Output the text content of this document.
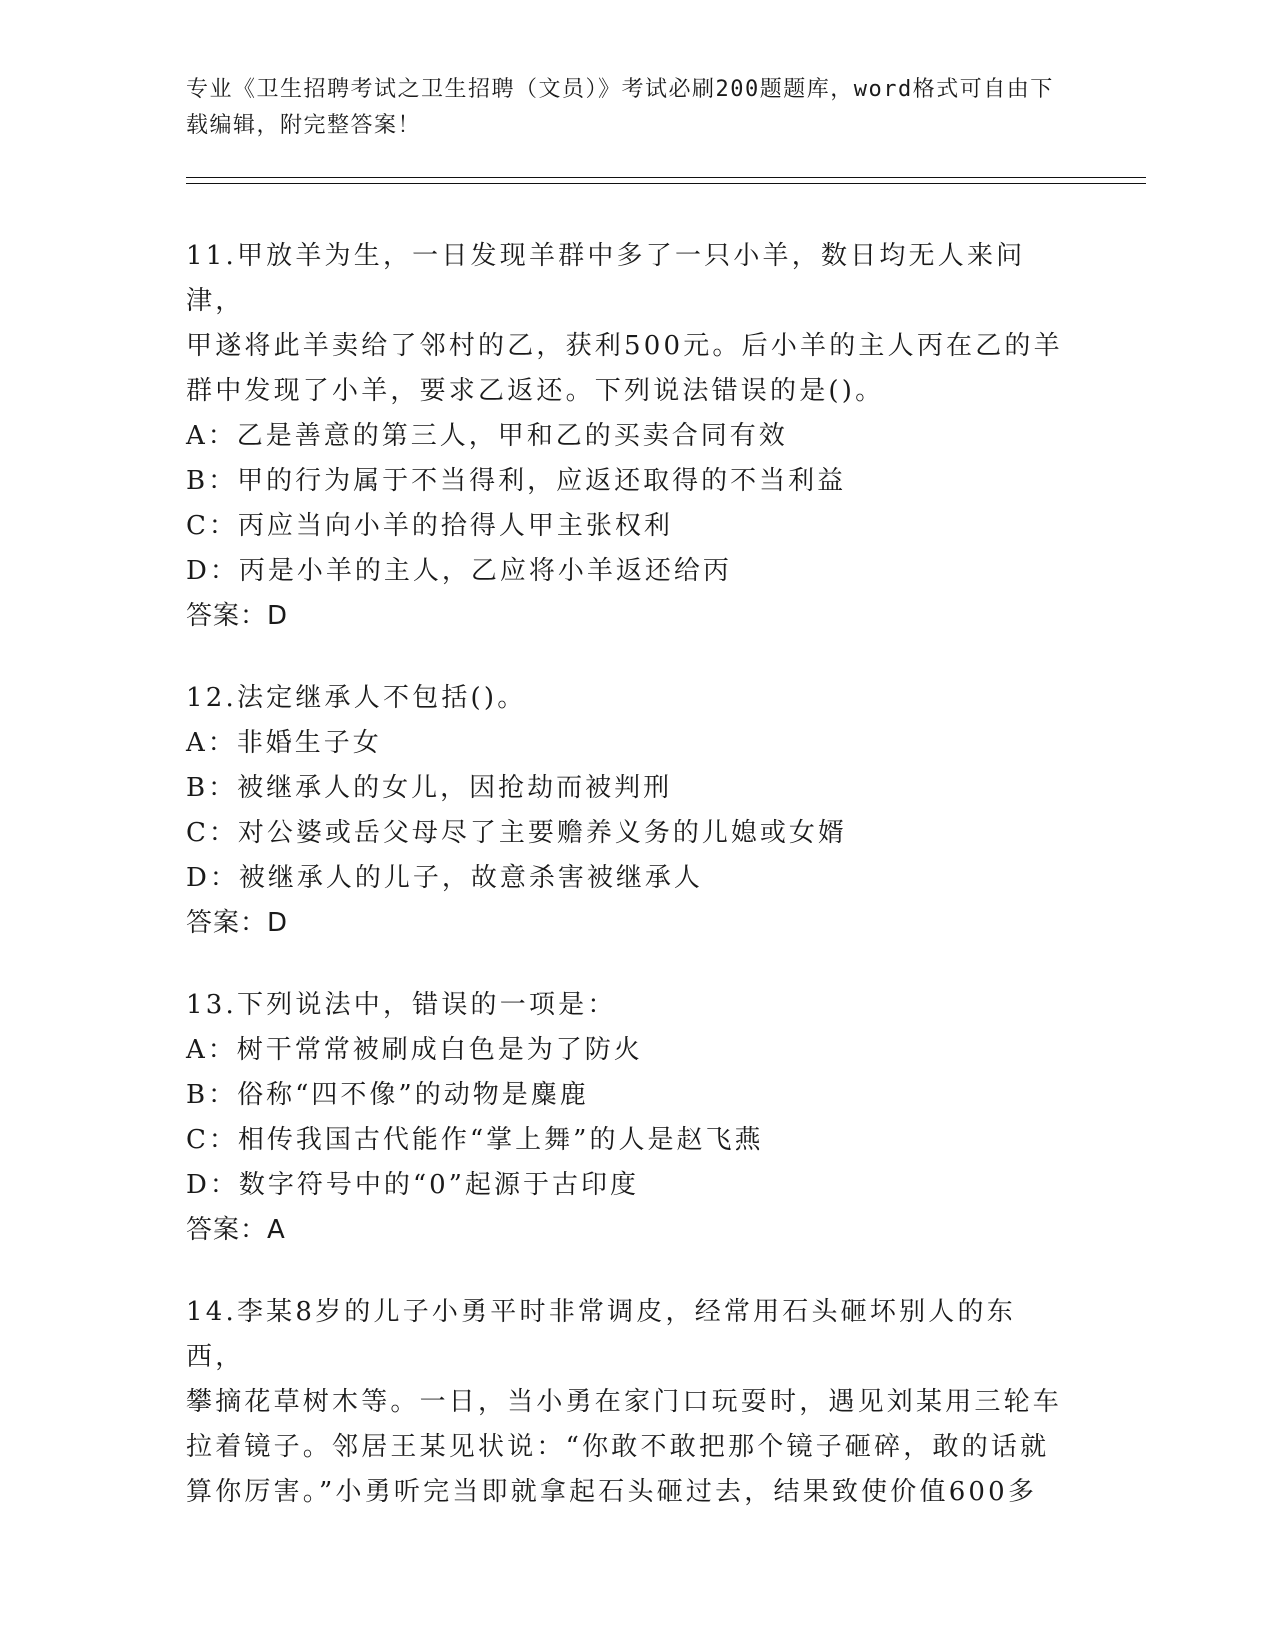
专业《卫生招聘考试之卫生招聘（文员）》考试必刷200题题库，word格式可自由下载编辑，附完整答案！
11.甲放羊为生，一日发现羊群中多了一只小羊，数日均无人来问津，
甲遂将此羊卖给了邻村的乙，获利500元。后小羊的主人丙在乙的羊
群中发现了小羊，要求乙返还。下列说法错误的是()。
A：乙是善意的第三人，甲和乙的买卖合同有效
B：甲的行为属于不当得利，应返还取得的不当利益
C：丙应当向小羊的拾得人甲主张权利
D：丙是小羊的主人，乙应将小羊返还给丙
答案：D
12.法定继承人不包括()。
A：非婚生子女
B：被继承人的女儿，因抢劫而被判刑
C：对公婆或岳父母尽了主要赡养义务的儿媳或女婿
D：被继承人的儿子，故意杀害被继承人
答案：D
13.下列说法中，错误的一项是：
A：树干常常被刷成白色是为了防火
B：俗称“四不像”的动物是麋鹿
C：相传我国古代能作“掌上舞”的人是赵飞燕
D：数字符号中的“0”起源于古印度
答案：A
14.李某8岁的儿子小勇平时非常调皮，经常用石头砸坏别人的东西，
攀摘花草树木等。一日，当小勇在家门口玩耍时，遇见刘某用三轮车
拉着镜子。邻居王某见状说：“你敢不敢把那个镜子砸碎，敢的话就
算你厉害。”小勇听完当即就拿起石头砸过去，结果致使价值600多
